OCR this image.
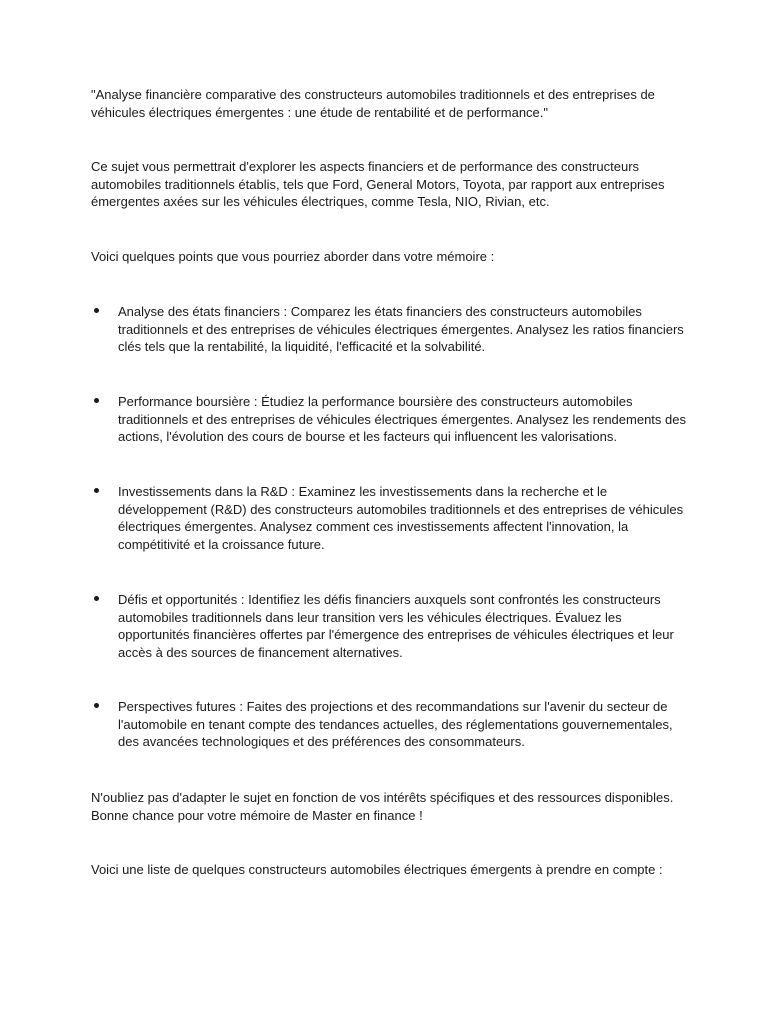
"Analyse financière comparative des constructeurs automobiles traditionnels et des entreprises de véhicules électriques émergentes : une étude de rentabilité et de performance."

Ce sujet vous permettrait d'explorer les aspects financiers et de performance des constructeurs automobiles traditionnels établis, tels que Ford, General Motors, Toyota, par rapport aux entreprises émergentes axées sur les véhicules électriques, comme Tesla, NIO, Rivian, etc.

Voici quelques points que vous pourriez aborder dans votre mémoire :

Analyse des états financiers : Comparez les états financiers des constructeurs automobiles traditionnels et des entreprises de véhicules électriques émergentes. Analysez les ratios financiers clés tels que la rentabilité, la liquidité, l'efficacité et la solvabilité.

Performance boursière : Étudiez la performance boursière des constructeurs automobiles traditionnels et des entreprises de véhicules électriques émergentes. Analysez les rendements des actions, l'évolution des cours de bourse et les facteurs qui influencent les valorisations.

Investissements dans la R&D : Examinez les investissements dans la recherche et le développement (R&D) des constructeurs automobiles traditionnels et des entreprises de véhicules électriques émergentes. Analysez comment ces investissements affectent l'innovation, la compétitivité et la croissance future.

Défis et opportunités : Identifiez les défis financiers auxquels sont confrontés les constructeurs automobiles traditionnels dans leur transition vers les véhicules électriques. Évaluez les opportunités financières offertes par l'émergence des entreprises de véhicules électriques et leur accès à des sources de financement alternatives.

Perspectives futures : Faites des projections et des recommandations sur l'avenir du secteur de l'automobile en tenant compte des tendances actuelles, des réglementations gouvernementales, des avancées technologiques et des préférences des consommateurs.

N'oubliez pas d'adapter le sujet en fonction de vos intérêts spécifiques et des ressources disponibles. Bonne chance pour votre mémoire de Master en finance !

Voici une liste de quelques constructeurs automobiles électriques émergents à prendre en compte :
